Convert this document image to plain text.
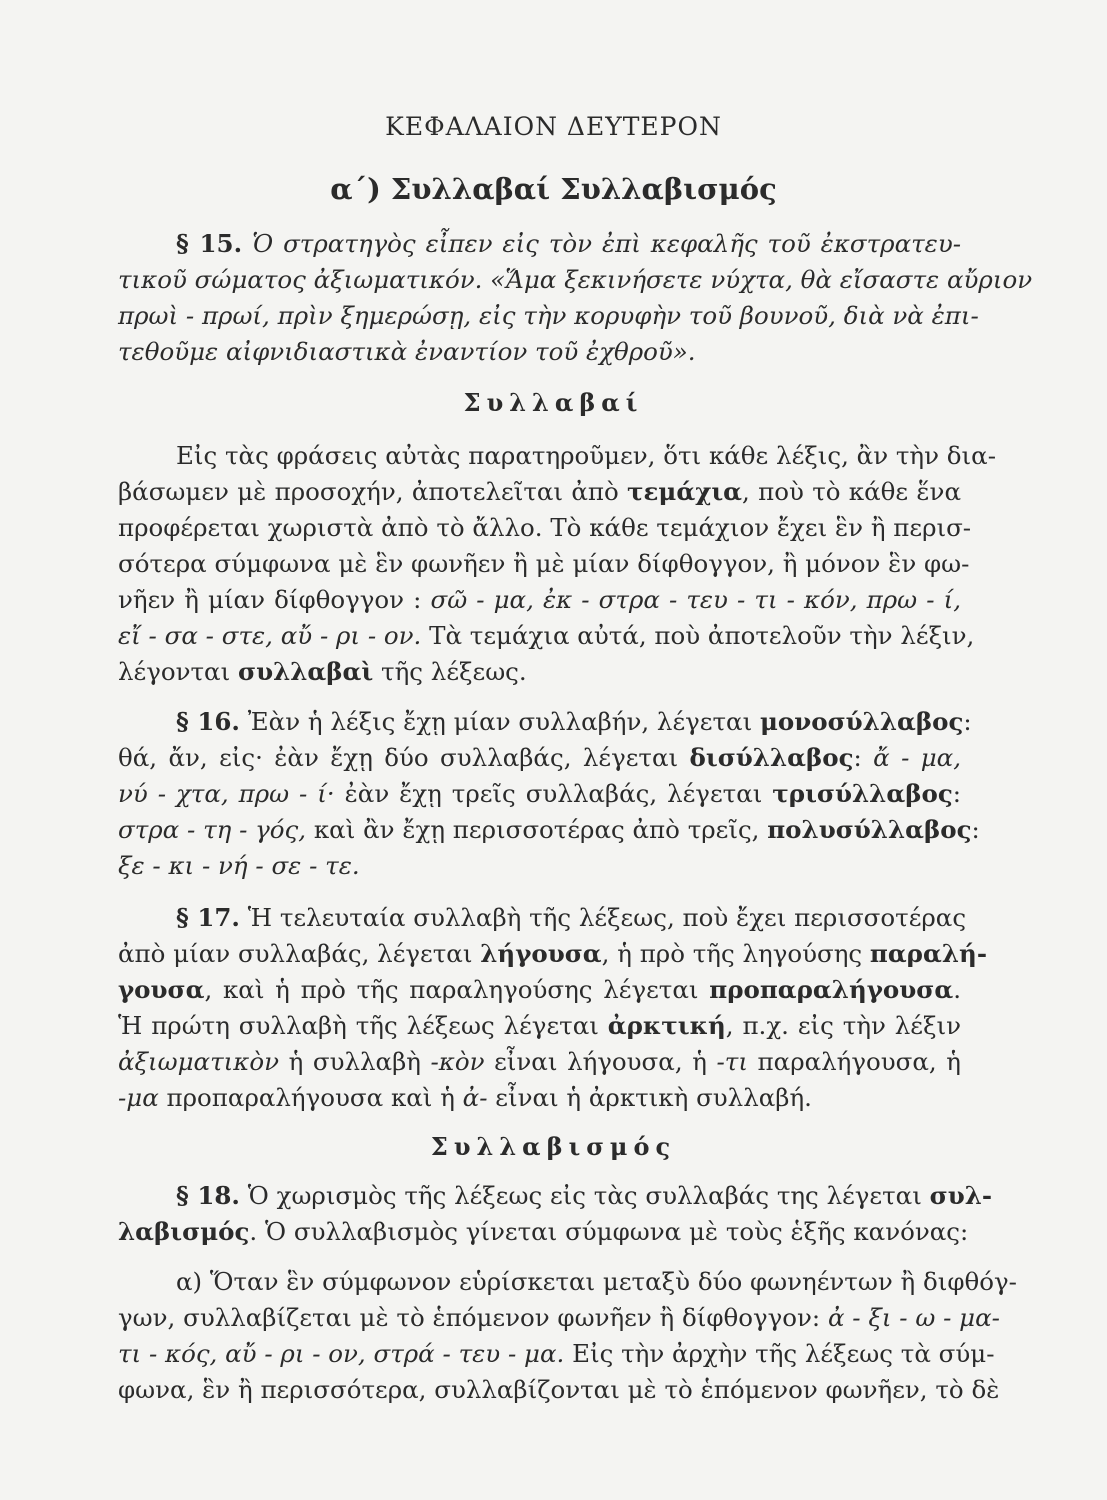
ΚΕΦΑΛΑΙΟΝ ΔΕΥΤΕΡΟΝ
α΄) Συλλαβαί Συλλαβισμός
§ 15. Ὁ στρατηγὸς εἶπεν εἰς τὸν ἐπὶ κεφαλῆς τοῦ ἐκστρατευ-
τικοῦ σώματος ἀξιωματικόν. «Ἅμα ξεκινήσετε νύχτα, θὰ εἴσαστε αὔριον
πρωὶ - πρωί, πρὶν ξημερώσῃ, εἰς τὴν κορυφὴν τοῦ βουνοῦ, διὰ νὰ ἐπι-
τεθοῦμε αἰφνιδιαστικὰ ἐναντίον τοῦ ἐχθροῦ».
Συλλαβαί
Εἰς τὰς φράσεις αὐτὰς παρατηροῦμεν, ὅτι κάθε λέξις, ἂν τὴν δια-
βάσωμεν μὲ προσοχήν, ἀποτελεῖται ἀπὸ τεμάχια, ποὺ τὸ κάθε ἕνα
προφέρεται χωριστὰ ἀπὸ τὸ ἄλλο. Τὸ κάθε τεμάχιον ἔχει ἓν ἢ περισ-
σότερα σύμφωνα μὲ ἓν φωνῆεν ἢ μὲ μίαν δίφθογγον, ἢ μόνον ἓν φω-
νῆεν ἢ μίαν δίφθογγον : σῶ - μα, ἐκ - στρα - τευ - τι - κόν, πρω - ί,
εἴ - σα - στε, αὔ - ρι - ον. Τὰ τεμάχια αὐτά, ποὺ ἀποτελοῦν τὴν λέξιν,
λέγονται συλλαβαὶ τῆς λέξεως.
§ 16. Ἐὰν ἡ λέξις ἔχῃ μίαν συλλαβήν, λέγεται μονοσύλλαβος:
θά, ἄν, εἰς· ἐὰν ἔχῃ δύο συλλαβάς, λέγεται δισύλλαβος: ἄ - μα,
νύ - χτα, πρω - ί· ἐὰν ἔχῃ τρεῖς συλλαβάς, λέγεται τρισύλλαβος:
στρα - τη - γός, καὶ ἂν ἔχῃ περισσοτέρας ἀπὸ τρεῖς, πολυσύλλαβος:
ξε - κι - νή - σε - τε.
§ 17. Ἡ τελευταία συλλαβὴ τῆς λέξεως, ποὺ ἔχει περισσοτέρας
ἀπὸ μίαν συλλαβάς, λέγεται λήγουσα, ἡ πρὸ τῆς ληγούσης παραλή-
γουσα, καὶ ἡ πρὸ τῆς παραληγούσης λέγεται προπαραλήγουσα.
Ἡ πρώτη συλλαβὴ τῆς λέξεως λέγεται ἀρκτική, π.χ. εἰς τὴν λέξιν
ἀξιωματικὸν ἡ συλλαβὴ -κὸν εἶναι λήγουσα, ἡ -τι παραλήγουσα, ἡ
-μα προπαραλήγουσα καὶ ἡ ἀ- εἶναι ἡ ἀρκτικὴ συλλαβή.
Συλλαβισμός
§ 18. Ὁ χωρισμὸς τῆς λέξεως εἰς τὰς συλλαβάς της λέγεται συλ-
λαβισμός. Ὁ συλλαβισμὸς γίνεται σύμφωνα μὲ τοὺς ἑξῆς κανόνας:
α) Ὅταν ἓν σύμφωνον εὑρίσκεται μεταξὺ δύο φωνηέντων ἢ διφθόγ-
γων, συλλαβίζεται μὲ τὸ ἑπόμενον φωνῆεν ἢ δίφθογγον: ἀ - ξι - ω - μα-
τι - κός, αὔ - ρι - ον, στρά - τευ - μα. Εἰς τὴν ἀρχὴν τῆς λέξεως τὰ σύμ-
φωνα, ἓν ἢ περισσότερα, συλλαβίζονται μὲ τὸ ἑπόμενον φωνῆεν, τὸ δὲ
